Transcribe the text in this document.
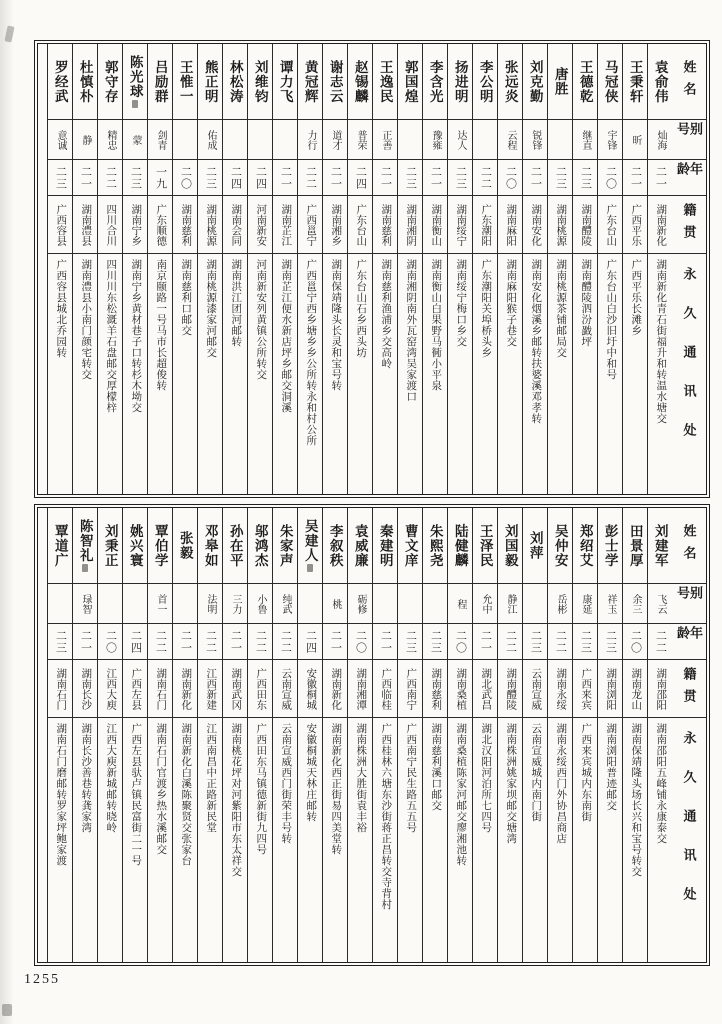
姓名
别号
年龄
籍贯
永久通讯处
袁俞伟
灿海
二一
湖南新化
湖南新化青石街福升和转温水塘交
王秉轩
昕
二一
广西平乐
广西平乐长滩乡
马冠侠
宇锋
二〇
广东台山
广东台山白沙旧圩中和号
王德乾
继直
二三
湖南醴陵
湖南醴陵泗汾戤坪
唐胜
二三
湖南桃源
湖南桃源茶铺邮局交
刘克勤
锐锋
二一
湖南安化
湖南安化烟溪乡邮转扶婆溪邓孝转
张远炎
云程
二〇
湖南麻阳
湖南麻阳猴子巷交
李公明
二二
广东潮阳
广东潮阳关埠桥头乡
扬进明
达人
二三
湖南绥宁
湖南绥宁梅口乡交
李含光
豫雍
二一
湖南衡山
湖南衡山白果野马衕小平泉
郭国煌
二三
湖南湘阴
湖南湘阴南外瓦窑湾吴家渡口
王逸民
正善
二一
湖南慈利
湖南慈利渔浦乡交高岭
赵锡麟
普荣
二四
广东台山
广东台山石乡西头坊
谢志云
道才
二一
湖南湘乡
湖南保靖隆头长灵和宝号转
黄冠辉
力行
二二
广西邕宁
广西邕宁西乡塘乡乡公所转永和村公所
谭力飞
二一
湖南芷江
湖南芷江便水新店坪乡邮交洞溪
刘维钧
二四
河南新安
河南新安列黄镇公所转交
林松涛
二四
湖南会同
湖南洪江团河邮转
熊正明
佑成
二三
湖南桃源
湖南桃源漆家河邮交
王惟一
二〇
湖南慈利
湖南慈利口邮交
吕励群
剑青
一九
广东顺德
南京颐路一号马市长超俊转
陈光球
蒙
二三
湖南宁乡
湖南宁乡黄材巷子口转杉木坳交
郭守存
精忠
二二
四川合川
四川川东松溉羊石盘邮交厚檬梓
杜慎朴
静
二一
湖南澧县
湖南澧县小南门颜宅转交
罗经武
意诚
二三
广西容县
广西容县城北乔园转
姓名
别号
年龄
籍贯
永久通讯处
刘建军
飞云
二二
湖南邵阳
湖南邵阳五峰铺永康泰交
田景厚
余三
二〇
湖南龙山
湖南保靖隆头场长兴和宝号转交
彭士学
祥玉
二三
湖南浏阳
湖南浏阳普迹邮交
郑绍艾
康延
二三
广西来宾
广西来宾城内东南街
吴仲安
岳彬
二二
湖南永绥
湖南永绥西门外协昌商店
刘萍
二三
云南宣威
云南宣威城内南门街
刘国毅
静江
二二
湖南醴陵
湖南株洲姚家坝邮交塘湾
王泽民
允中
二一
湖北武昌
湖北汉阳河泊所七四号
陆健麟
程
二〇
湖南桑植
湖南桑植陈家河邮交廖湘池转
朱熙尧
二三
湖南慈利
湖南慈利溪口邮交
曹文庠
二三
广西南宁
广西南宁民生路五五号
秦建明
二一
广西临桂
广西桂林六塘东沙街蒋正昌转交寺背村
袁威廉
砺修
二〇
湖南湘潭
湖南株洲大胜街袁丰裕
李叙秩
桃
二一
湖南新化
湖南新化西正街易四美堂转
吴建人
二四
安徽桐城
安徽桐城天林庄邮转
朱家声
纯武
二二
云南宣威
云南宣威西门街荣丰号转
邬鸿杰
小鲁
二二
广西田东
广西田东马镇德新街九四号
孙在平
三力
二一
湖南武冈
湖南桃花坪对河紫阳市东太祥交
邓皋如
法明
二二
江西新建
江西南昌中正路新民堂
张毅
二一
湖南新化
湖南新化白溪陈聚贤交张家台
覃伯学
首一
二二
湖南石门
湖南石门官渡乡热水溪邮交
姚兴寰
二四
广西左县
广西左县驮卢镇民富街二一号
刘秉正
二〇
江西大庾
江西大庾新城邮转晓岭
陈智礼
琭智
二一
湖南长沙
湖南长沙善巷转龚家湾
覃道广
二三
湖南石门
湖南石门磨邮转罗家坪鲍家渡
1255
